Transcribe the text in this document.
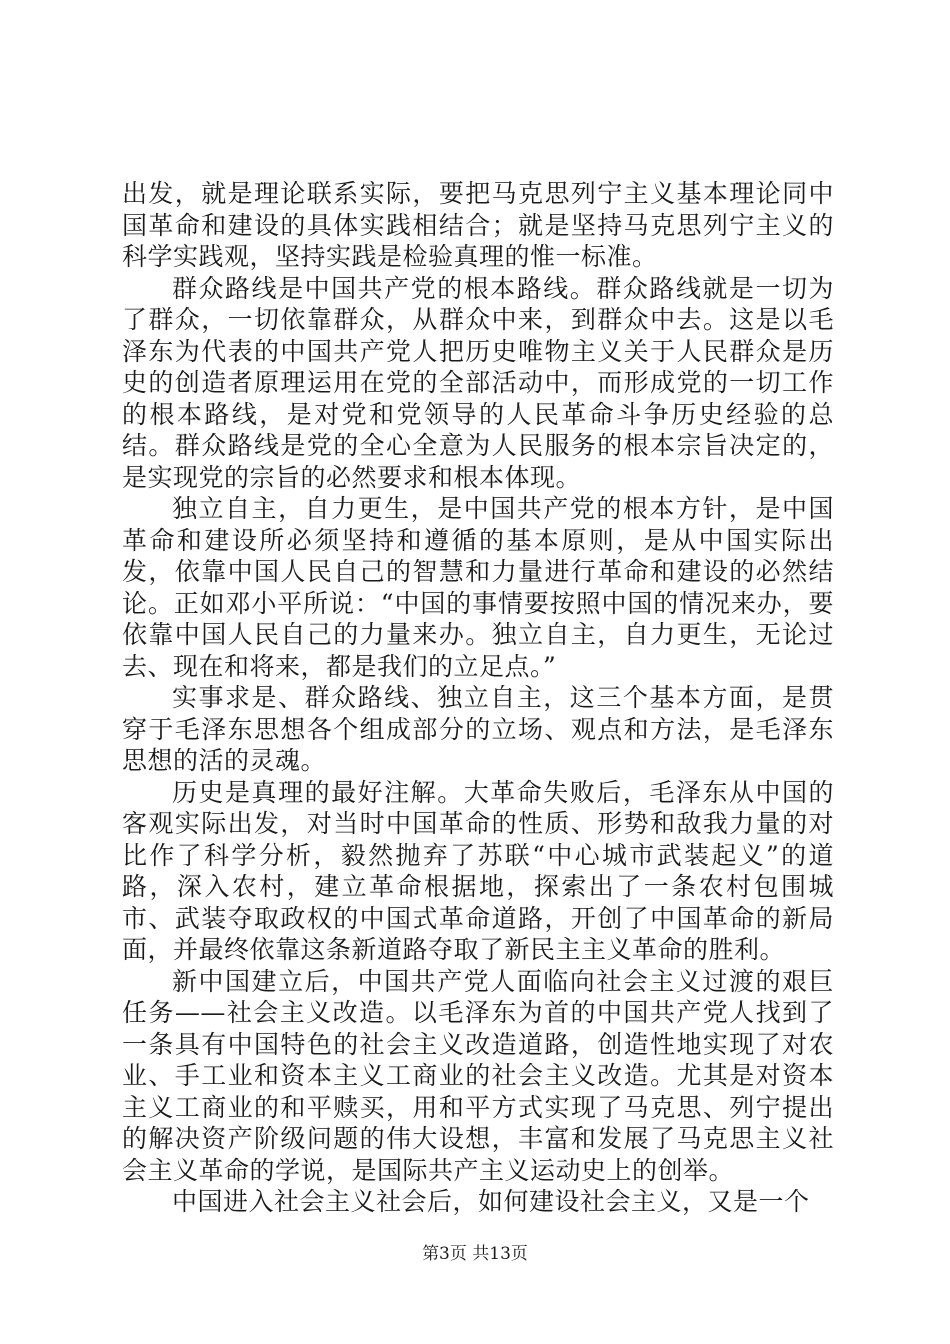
出发，就是理论联系实际，要把马克思列宁主义基本理论同中国革命和建设的具体实践相结合；就是坚持马克思列宁主义的科学实践观，坚持实践是检验真理的惟一标准。

群众路线是中国共产党的根本路线。群众路线就是一切为了群众，一切依靠群众，从群众中来，到群众中去。这是以毛泽东为代表的中国共产党人把历史唯物主义关于人民群众是历史的创造者原理运用在党的全部活动中，而形成党的一切工作的根本路线，是对党和党领导的人民革命斗争历史经验的总结。群众路线是党的全心全意为人民服务的根本宗旨决定的，是实现党的宗旨的必然要求和根本体现。

独立自主，自力更生，是中国共产党的根本方针，是中国革命和建设所必须坚持和遵循的基本原则，是从中国实际出发，依靠中国人民自己的智慧和力量进行革命和建设的必然结论。正如邓小平所说：“中国的事情要按照中国的情况来办，要依靠中国人民自己的力量来办。独立自主，自力更生，无论过去、现在和将来，都是我们的立足点。”

实事求是、群众路线、独立自主，这三个基本方面，是贯穿于毛泽东思想各个组成部分的立场、观点和方法，是毛泽东思想的活的灵魂。

历史是真理的最好注解。大革命失败后，毛泽东从中国的客观实际出发，对当时中国革命的性质、形势和敌我力量的对比作了科学分析，毅然抛弃了苏联“中心城市武装起义”的道路，深入农村，建立革命根据地，探索出了一条农村包围城市、武装夺取政权的中国式革命道路，开创了中国革命的新局面，并最终依靠这条新道路夺取了新民主主义革命的胜利。

新中国建立后，中国共产党人面临向社会主义过渡的艰巨任务——社会主义改造。以毛泽东为首的中国共产党人找到了一条具有中国特色的社会主义改造道路，创造性地实现了对农业、手工业和资本主义工商业的社会主义改造。尤其是对资本主义工商业的和平赎买，用和平方式实现了马克思、列宁提出的解决资产阶级问题的伟大设想，丰富和发展了马克思主义社会主义革命的学说，是国际共产主义运动史上的创举。

中国进入社会主义社会后，如何建设社会主义，又是一个

第3页 共13页
